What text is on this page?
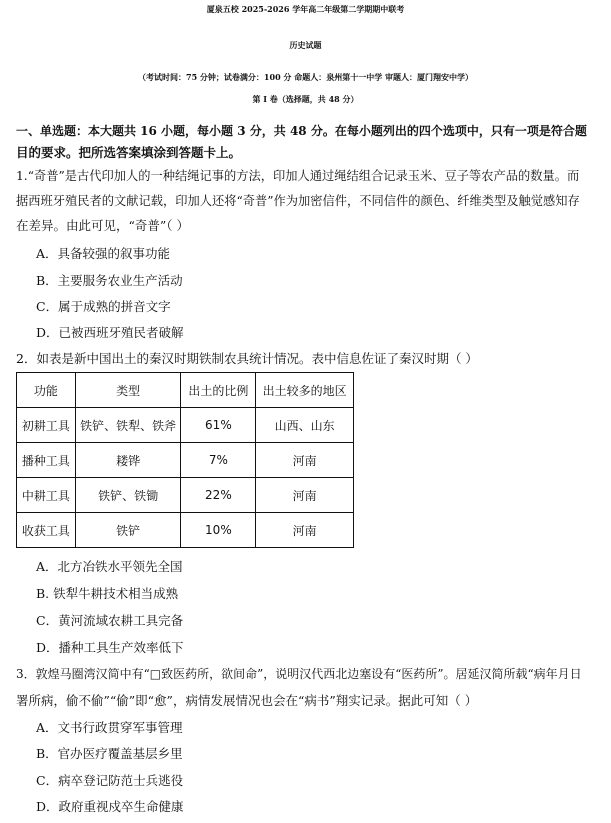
厦泉五校 2025-2026 学年高二年级第二学期期中联考
历史试题
（考试时间：75 分钟；试卷满分：100 分 命题人：泉州第十一中学 审题人：厦门翔安中学）
第 I 卷（选择题，共 48 分）
一、单选题：本大题共 16 小题，每小题 3 分，共 48 分。在每小题列出的四个选项中，只有一项是符合题
目的要求。把所选答案填涂到答题卡上。
1.“奇普”是古代印加人的一种结绳记事的方法，印加人通过绳结组合记录玉米、豆子等农产品的数量。而
据西班牙殖民者的文献记载，印加人还将“奇普”作为加密信件，不同信件的颜色、纤维类型及触觉感知存
在差异。由此可见，“奇普”（ ）
A．具备较强的叙事功能
B．主要服务农业生产活动
C．属于成熟的拼音文字
D．已被西班牙殖民者破解
2．如表是新中国出土的秦汉时期铁制农具统计情况。表中信息佐证了秦汉时期（ ）
功能	类型	出土的比例	出土较多的地区
初耕工具	铁铲、铁犁、铁斧	61%	山西、山东
播种工具	耧铧	7%	河南
中耕工具	铁铲、铁锄	22%	河南
收获工具	铁铲	10%	河南
A．北方冶铁水平领先全国
B. 铁犁牛耕技术相当成熟
C．黄河流域农耕工具完备
D．播种工具生产效率低下
3．敦煌马圈湾汉简中有“□致医药所，欲间命”，说明汉代西北边塞设有“医药所”。居延汉简所载“病年月日
署所病，偷不偷”“偷”即“愈”，病情发展情况也会在“病书”翔实记录。据此可知（ ）
A．文书行政贯穿军事管理
B．官办医疗覆盖基层乡里
C．病卒登记防范士兵逃役
D．政府重视戍卒生命健康
